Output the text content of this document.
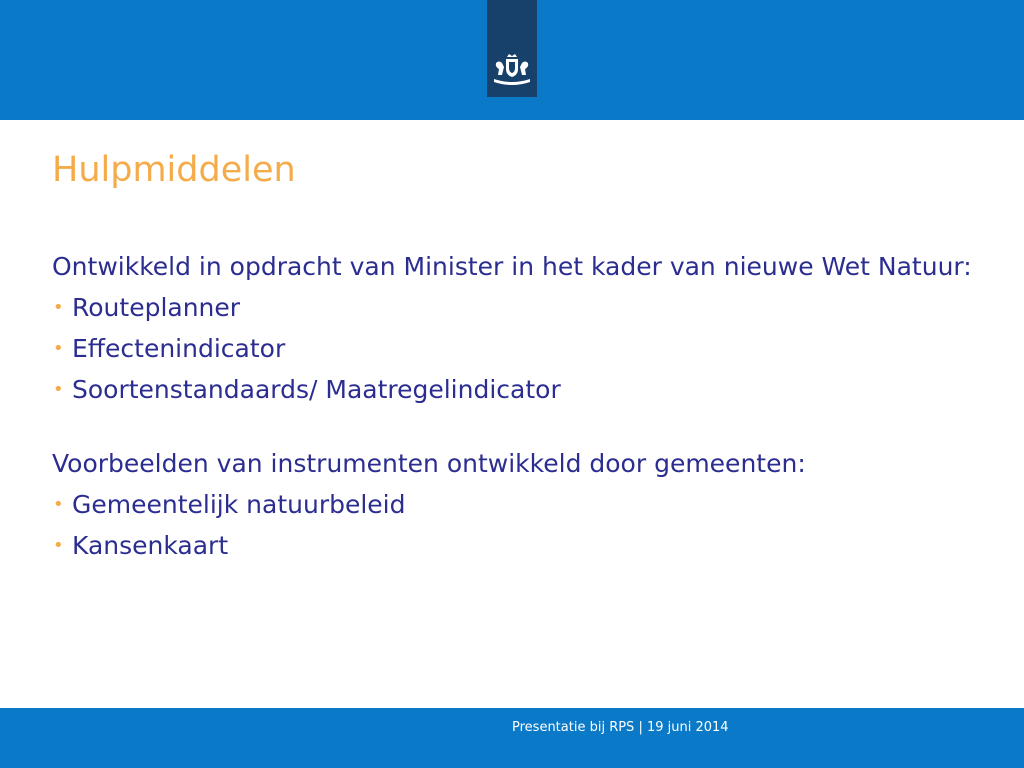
Hulpmiddelen

Ontwikkeld in opdracht van Minister in het kader van nieuwe Wet Natuur:

• Routeplanner
• Effectenindicator
• Soortenstandaards/ Maatregelindicator

Voorbeelden van instrumenten ontwikkeld door gemeenten:

• Gemeentelijk natuurbeleid
• Kansenkaart
Presentatie bij RPS | 19 juni 2014
